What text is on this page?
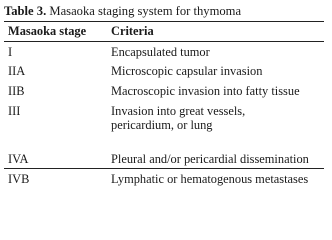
Table 3. Masaoka staging system for thymoma
Masaoka stage	Criteria
I	Encapsulated tumor
IIA	Microscopic capsular invasion
IIB	Macroscopic invasion into fatty tissue
III	Invasion into great vessels,
pericardium, or lung

IVA	Pleural and/or pericardial dissemination
IVB	Lymphatic or hematogenous metastases
